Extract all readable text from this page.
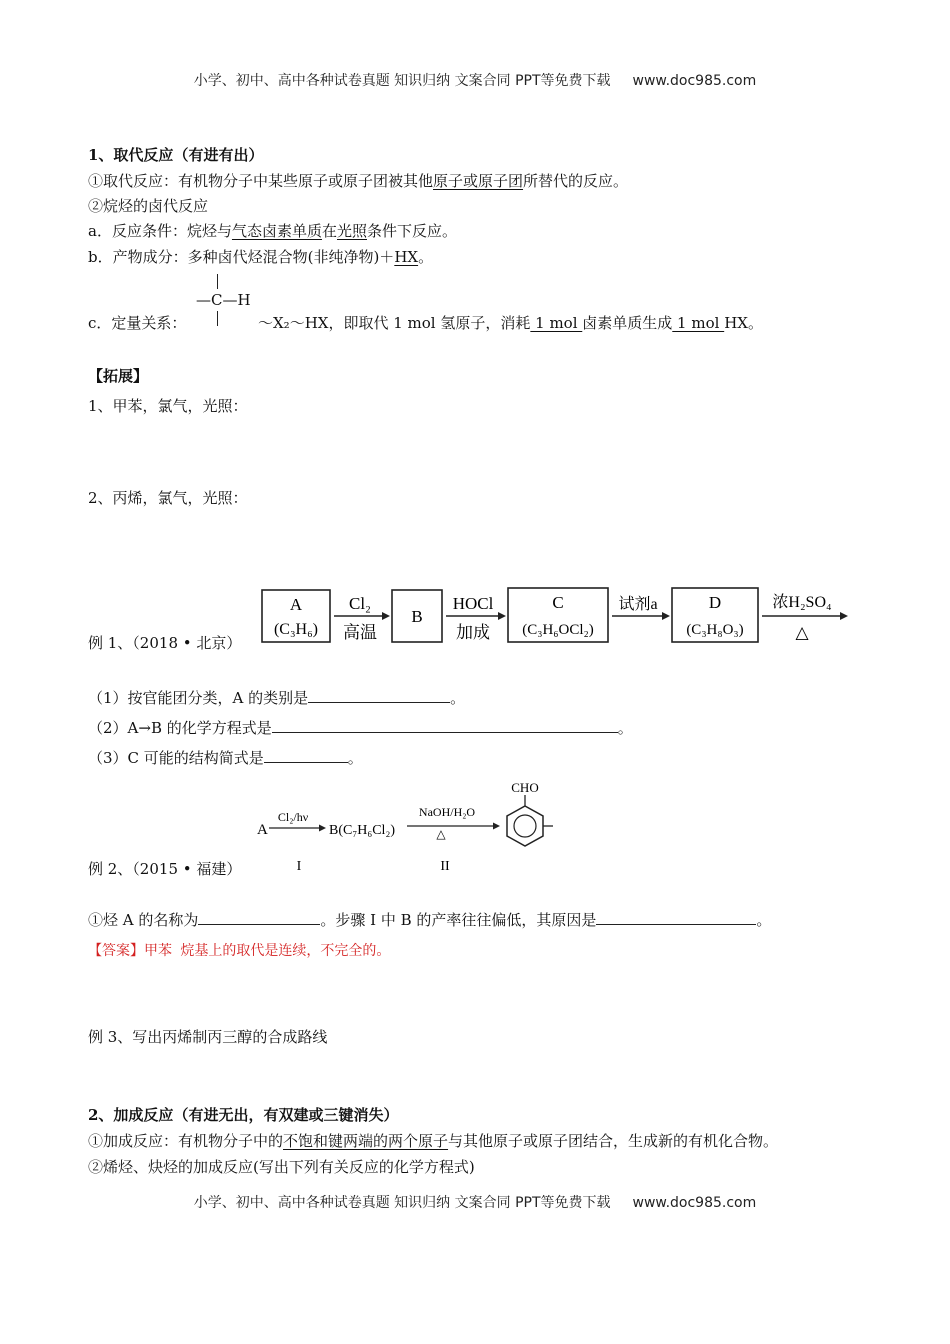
小学、初中、高中各种试卷真题 知识归纳 文案合同 PPT等免费下载 www.doc985.com
1、取代反应（有进有出）
①取代反应：有机物分子中某些原子或原子团被其他原子或原子团所替代的反应。
②烷烃的卤代反应
a．反应条件：烷烃与气态卤素单质在光照条件下反应。
b．产物成分：多种卤代烃混合物(非纯净物)＋HX。
—C—H
c．定量关系：	～X₂～HX，即取代 1 mol 氢原子，消耗 1 mol 卤素单质生成 1 mol HX。
【拓展】
1、甲苯，氯气，光照：
2、丙烯，氯气，光照：
A
(C₃H₆)
Cl₂
高温
B
HOCl
加成
C
(C₃H₆OCl₂)
试剂a	D
(C₃H₈O₃)
浓H₂SO₄
△
例 1、（2018 • 北京）
（1）按官能团分类，A 的类别是	。
（2）A→B 的化学方程式是	。
（3）C 可能的结构简式是	。
A
Cl₂/hν
B(C₇H₆Cl₂)
NaOH/H₂O
△
CHO
I	II
例 2、（2015 • 福建）
①烃 A 的名称为	。步骤 I 中 B 的产率往往偏低，其原因是	。
【答案】甲苯 烷基上的取代是连续，不完全的。
例 3、写出丙烯制丙三醇的合成路线
2、加成反应（有进无出，有双建或三键消失）
①加成反应：有机物分子中的不饱和键两端的两个原子与其他原子或原子团结合，生成新的有机化合物。
②烯烃、炔烃的加成反应(写出下列有关反应的化学方程式)
小学、初中、高中各种试卷真题 知识归纳 文案合同 PPT等免费下载 www.doc985.com
